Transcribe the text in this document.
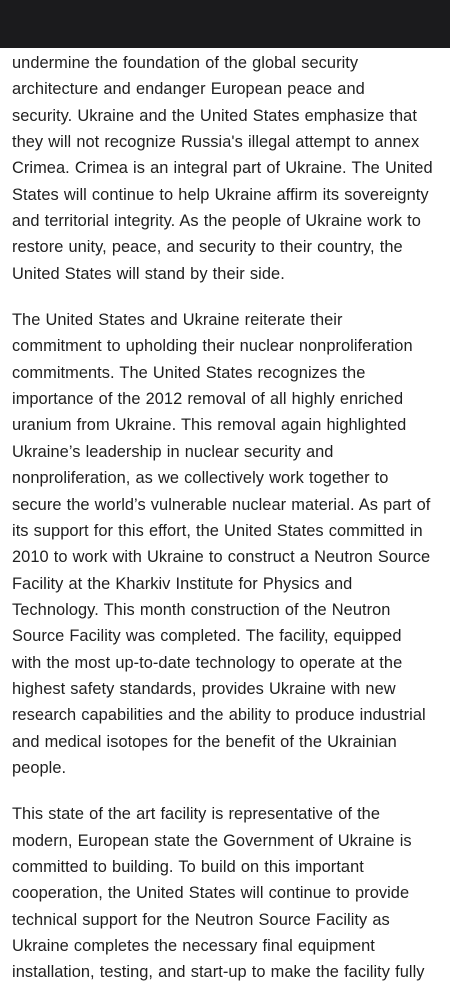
undermine the foundation of the global security
architecture and endanger European peace and
security. Ukraine and the United States emphasize that
they will not recognize Russia's illegal attempt to annex
Crimea. Crimea is an integral part of Ukraine. The United
States will continue to help Ukraine affirm its sovereignty
and territorial integrity. As the people of Ukraine work to
restore unity, peace, and security to their country, the
United States will stand by their side.

The United States and Ukraine reiterate their
commitment to upholding their nuclear nonproliferation
commitments. The United States recognizes the
importance of the 2012 removal of all highly enriched
uranium from Ukraine. This removal again highlighted
Ukraine’s leadership in nuclear security and
nonproliferation, as we collectively work together to
secure the world’s vulnerable nuclear material. As part of
its support for this effort, the United States committed in
2010 to work with Ukraine to construct a Neutron Source
Facility at the Kharkiv Institute for Physics and
Technology. This month construction of the Neutron
Source Facility was completed. The facility, equipped
with the most up-to-date technology to operate at the
highest safety standards, provides Ukraine with new
research capabilities and the ability to produce industrial
and medical isotopes for the benefit of the Ukrainian
people.

This state of the art facility is representative of the
modern, European state the Government of Ukraine is
committed to building. To build on this important
cooperation, the United States will continue to provide
technical support for the Neutron Source Facility as
Ukraine completes the necessary final equipment
installation, testing, and start-up to make the facility fully
